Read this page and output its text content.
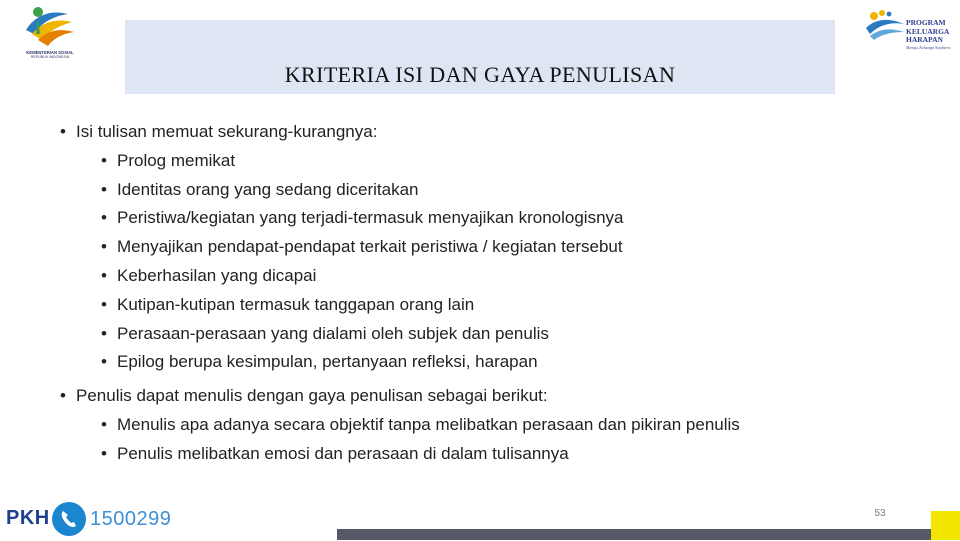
KEMENTERIAN SOSIAL
REPUBLIK INDONESIA
KRITERIA ISI DAN GAYA PENULISAN
PROGRAM
KELUARGA
HARAPAN
Menuju Keluarga Sejahtera
• Isi tulisan memuat sekurang-kurangnya:
• Prolog memikat
• Identitas orang yang sedang diceritakan
• Peristiwa/kegiatan yang terjadi-termasuk menyajikan kronologisnya
• Menyajikan pendapat-pendapat terkait peristiwa / kegiatan tersebut
• Keberhasilan yang dicapai
• Kutipan-kutipan termasuk tanggapan orang lain
• Perasaan-perasaan yang dialami oleh subjek dan penulis
• Epilog berupa kesimpulan, pertanyaan refleksi, harapan
• Penulis dapat menulis dengan gaya penulisan sebagai berikut:
• Menulis apa adanya secara objektif tanpa melibatkan perasaan dan pikiran penulis
• Penulis melibatkan emosi dan perasaan di dalam tulisannya
PKH 1500299	53
